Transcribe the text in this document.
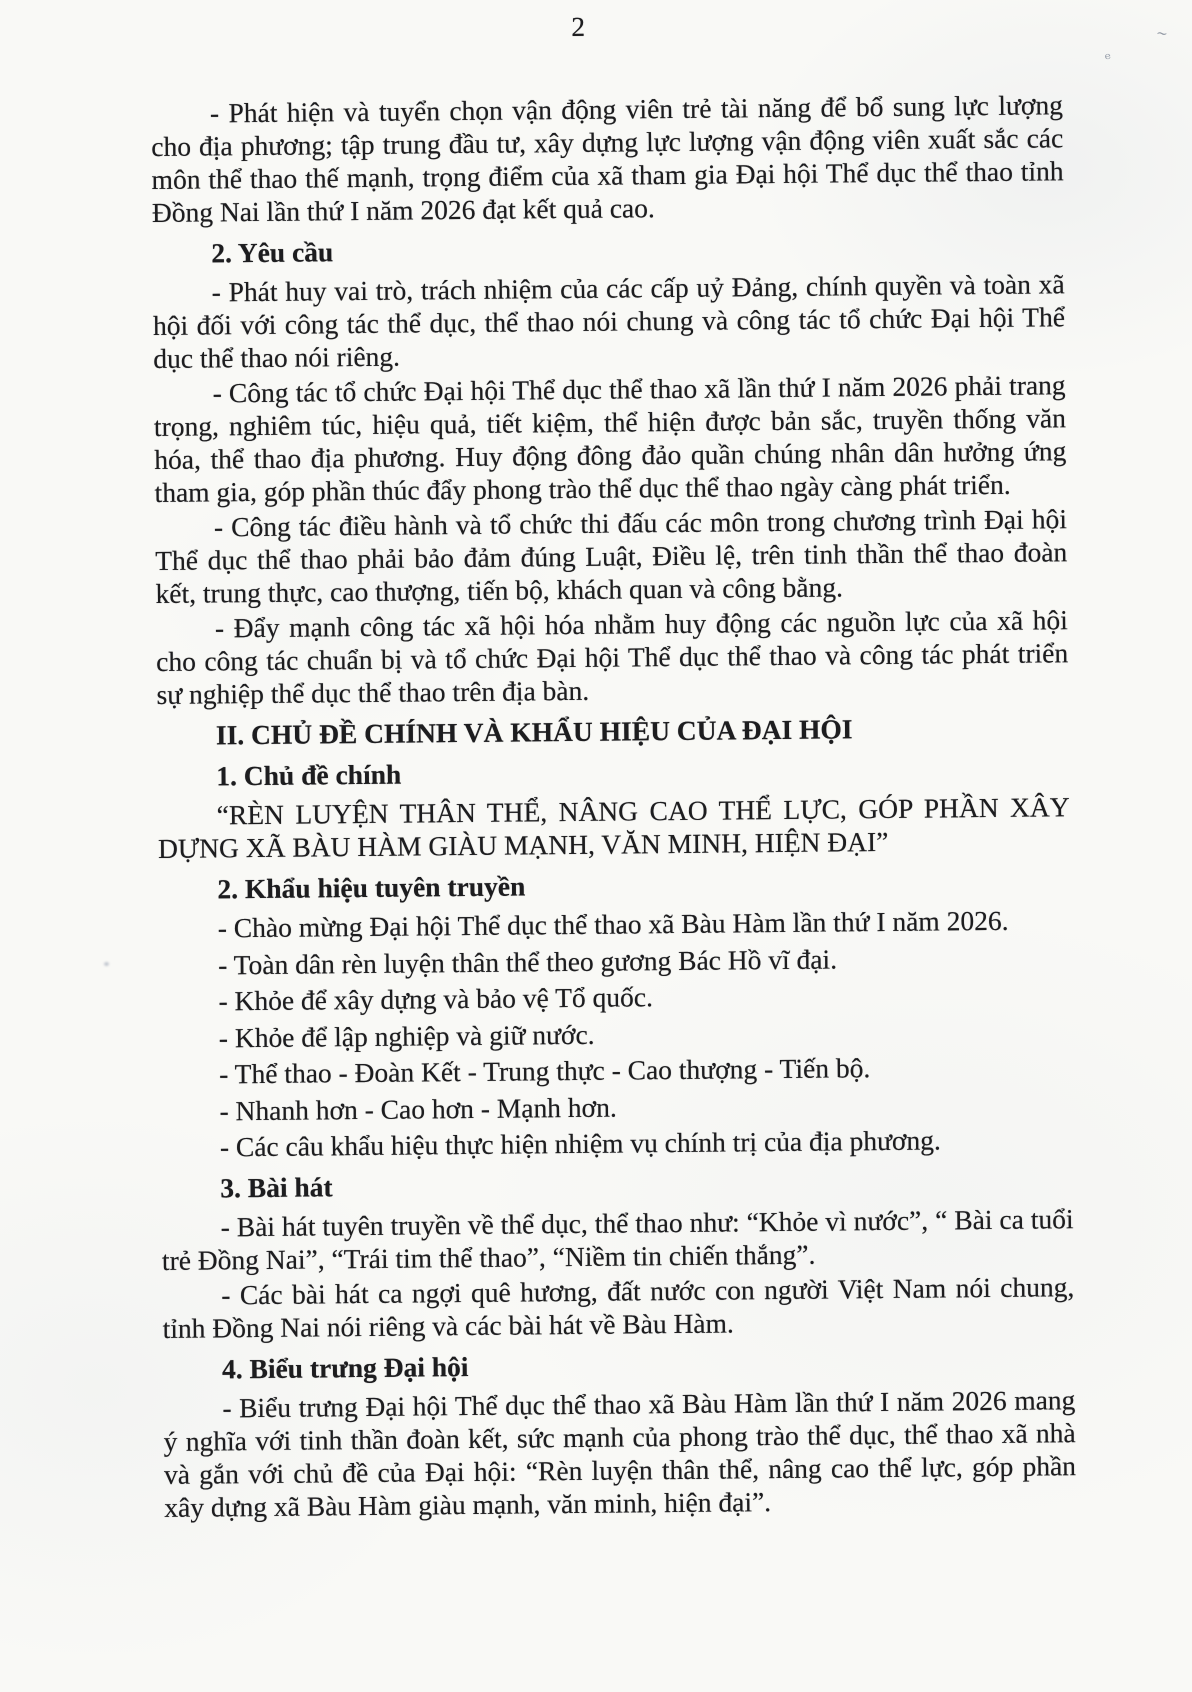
2

- Phát hiện và tuyển chọn vận động viên trẻ tài năng để bổ sung lực lượng cho địa phương; tập trung đầu tư, xây dựng lực lượng vận động viên xuất sắc các môn thể thao thế mạnh, trọng điểm của xã tham gia Đại hội Thể dục thể thao tỉnh Đồng Nai lần thứ I năm 2026 đạt kết quả cao.

2. Yêu cầu

- Phát huy vai trò, trách nhiệm của các cấp uỷ Đảng, chính quyền và toàn xã hội đối với công tác thể dục, thể thao nói chung và công tác tổ chức Đại hội Thể dục thể thao nói riêng.

- Công tác tổ chức Đại hội Thể dục thể thao xã lần thứ I năm 2026 phải trang trọng, nghiêm túc, hiệu quả, tiết kiệm, thể hiện được bản sắc, truyền thống văn hóa, thể thao địa phương. Huy động đông đảo quần chúng nhân dân hưởng ứng tham gia, góp phần thúc đẩy phong trào thể dục thể thao ngày càng phát triển.

- Công tác điều hành và tổ chức thi đấu các môn trong chương trình Đại hội Thể dục thể thao phải bảo đảm đúng Luật, Điều lệ, trên tinh thần thể thao đoàn kết, trung thực, cao thượng, tiến bộ, khách quan và công bằng.

- Đẩy mạnh công tác xã hội hóa nhằm huy động các nguồn lực của xã hội cho công tác chuẩn bị và tổ chức Đại hội Thể dục thể thao và công tác phát triển sự nghiệp thể dục thể thao trên địa bàn.

II. CHỦ ĐỀ CHÍNH VÀ KHẨU HIỆU CỦA ĐẠI HỘI

1. Chủ đề chính

“RÈN LUYỆN THÂN THỂ, NÂNG CAO THỂ LỰC, GÓP PHẦN XÂY DỰNG XÃ BÀU HÀM GIÀU MẠNH, VĂN MINH, HIỆN ĐẠI”

2. Khẩu hiệu tuyên truyền

- Chào mừng Đại hội Thể dục thể thao xã Bàu Hàm lần thứ I năm 2026.

- Toàn dân rèn luyện thân thể theo gương Bác Hồ vĩ đại.

- Khỏe để xây dựng và bảo vệ Tổ quốc.

- Khỏe để lập nghiệp và giữ nước.

- Thể thao - Đoàn Kết - Trung thực - Cao thượng - Tiến bộ.

- Nhanh hơn - Cao hơn - Mạnh hơn.

- Các câu khẩu hiệu thực hiện nhiệm vụ chính trị của địa phương.

3. Bài hát

- Bài hát tuyên truyền về thể dục, thể thao như: “Khỏe vì nước”, “ Bài ca tuổi trẻ Đồng Nai”, “Trái tim thể thao”, “Niềm tin chiến thắng”.

- Các bài hát ca ngợi quê hương, đất nước con người Việt Nam nói chung, tỉnh Đồng Nai nói riêng và các bài hát về Bàu Hàm.

4. Biểu trưng Đại hội

- Biểu trưng Đại hội Thể dục thể thao xã Bàu Hàm lần thứ I năm 2026 mang ý nghĩa với tinh thần đoàn kết, sức mạnh của phong trào thể dục, thể thao xã nhà và gắn với chủ đề của Đại hội: “Rèn luyện thân thể, nâng cao thể lực, góp phần xây dựng xã Bàu Hàm giàu mạnh, văn minh, hiện đại”.

ₑ
~
